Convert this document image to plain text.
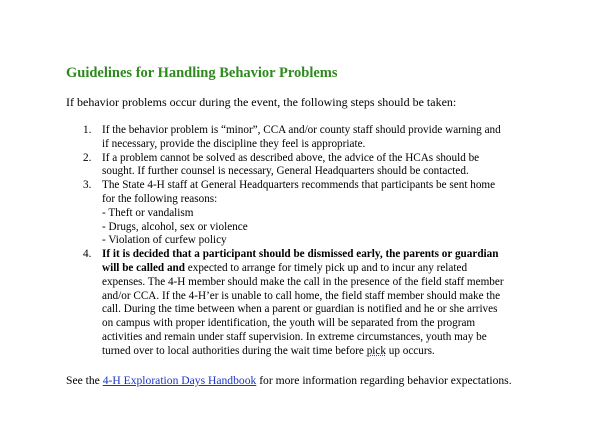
Guidelines for Handling Behavior Problems

If behavior problems occur during the event, the following steps should be taken:

1. If the behavior problem is “minor”, CCA and/or county staff should provide warning and
if necessary, provide the discipline they feel is appropriate.
2. If a problem cannot be solved as described above, the advice of the HCAs should be
sought. If further counsel is necessary, General Headquarters should be contacted.
3. The State 4-H staff at General Headquarters recommends that participants be sent home
for the following reasons:
- Theft or vandalism
- Drugs, alcohol, sex or violence
- Violation of curfew policy
4. If it is decided that a participant should be dismissed early, the parents or guardian
will be called and expected to arrange for timely pick up and to incur any related
expenses. The 4-H member should make the call in the presence of the field staff member
and/or CCA. If the 4-H’er is unable to call home, the field staff member should make the
call. During the time between when a parent or guardian is notified and he or she arrives
on campus with proper identification, the youth will be separated from the program
activities and remain under staff supervision. In extreme circumstances, youth may be
turned over to local authorities during the wait time before pick up occurs.

See the 4-H Exploration Days Handbook for more information regarding behavior expectations.
